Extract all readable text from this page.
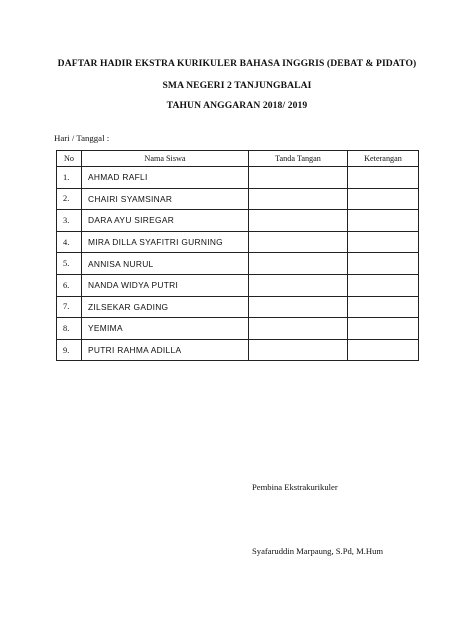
DAFTAR HADIR EKSTRA KURIKULER BAHASA INGGRIS (DEBAT & PIDATO)
SMA NEGERI 2 TANJUNGBALAI
TAHUN ANGGARAN 2018/ 2019
Hari / Tanggal :
No	Nama Siswa	Tanda Tangan	Keterangan
1.	AHMAD RAFLI		
2.	CHAIRI SYAMSINAR		
3.	DARA AYU SIREGAR		
4.	MIRA DILLA SYAFITRI GURNING		
5.	ANNISA NURUL		
6.	NANDA WIDYA PUTRI		
7.	ZILSEKAR GADING		
8.	YEMIMA		
9.	PUTRI RAHMA ADILLA		
Pembina Ekstrakurikuler
Syafaruddin Marpaung, S.Pd, M.Hum
